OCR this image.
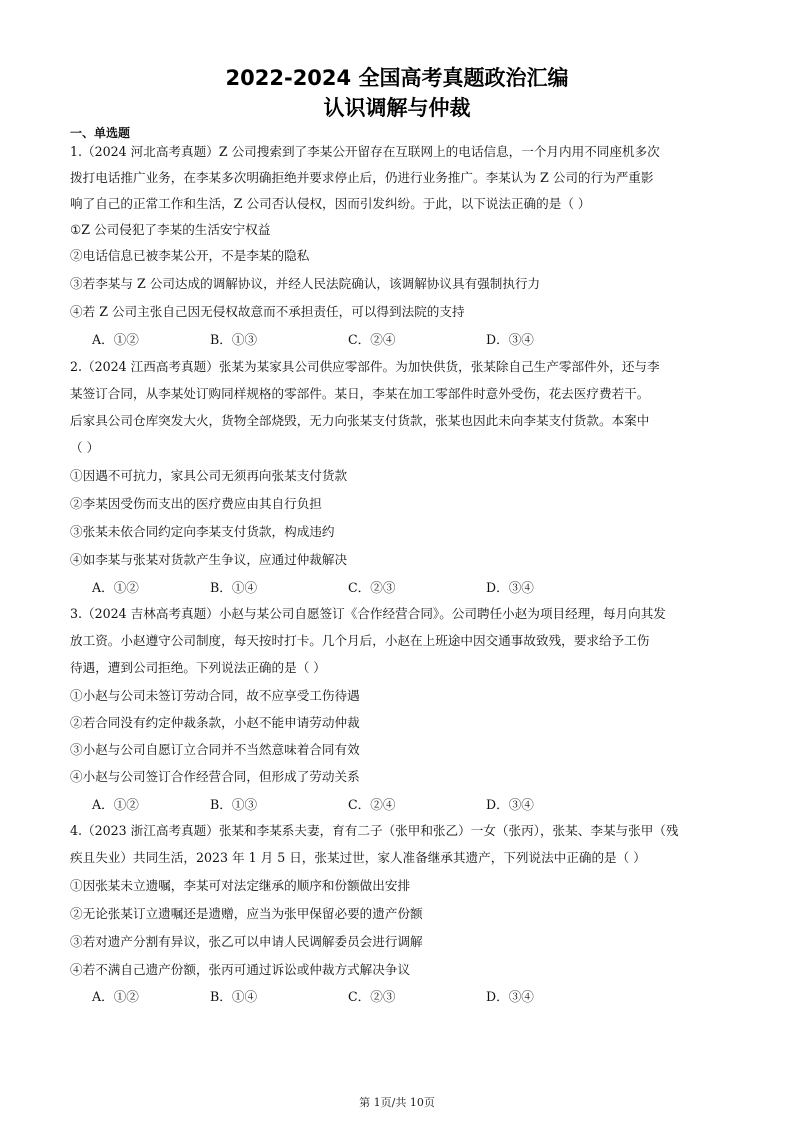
2022-2024 全国高考真题政治汇编
认识调解与仲裁
一、单选题
1.（2024 河北高考真题）Z 公司搜索到了李某公开留存在互联网上的电话信息，一个月内用不同座机多次
拨打电话推广业务，在李某多次明确拒绝并要求停止后，仍进行业务推广。李某认为 Z 公司的行为严重影
响了自己的正常工作和生活，Z 公司否认侵权，因而引发纠纷。于此，以下说法正确的是（ ）
①Z 公司侵犯了李某的生活安宁权益
②电话信息已被李某公开，不是李某的隐私
③若李某与 Z 公司达成的调解协议，并经人民法院确认，该调解协议具有强制执行力
④若 Z 公司主张自己因无侵权故意而不承担责任，可以得到法院的支持
A．①②	B．①③	C．②④	D．③④
2.（2024 江西高考真题）张某为某家具公司供应零部件。为加快供货，张某除自己生产零部件外，还与李
某签订合同，从李某处订购同样规格的零部件。某日，李某在加工零部件时意外受伤，花去医疗费若干。
后家具公司仓库突发大火，货物全部烧毁，无力向张某支付货款，张某也因此未向李某支付货款。本案中
（ ）
①因遇不可抗力，家具公司无须再向张某支付货款
②李某因受伤而支出的医疗费应由其自行负担
③张某未依合同约定向李某支付货款，构成违约
④如李某与张某对货款产生争议，应通过仲裁解决
A．①②	B．①④	C．②③	D．③④
3.（2024 吉林高考真题）小赵与某公司自愿签订《合作经营合同》。公司聘任小赵为项目经理，每月向其发
放工资。小赵遵守公司制度，每天按时打卡。几个月后，小赵在上班途中因交通事故致残，要求给予工伤
待遇，遭到公司拒绝。下列说法正确的是（ ）
①小赵与公司未签订劳动合同，故不应享受工伤待遇
②若合同没有约定仲裁条款，小赵不能申请劳动仲裁
③小赵与公司自愿订立合同并不当然意味着合同有效
④小赵与公司签订合作经营合同，但形成了劳动关系
A．①②	B．①③	C．②④	D．③④
4.（2023 浙江高考真题）张某和李某系夫妻，育有二子（张甲和张乙）一女（张丙），张某、李某与张甲（残
疾且失业）共同生活，2023 年 1 月 5 日，张某过世，家人准备继承其遗产，下列说法中正确的是（ ）
①因张某未立遗嘱，李某可对法定继承的顺序和份额做出安排
②无论张某订立遗嘱还是遗赠，应当为张甲保留必要的遗产份额
③若对遗产分割有异议，张乙可以申请人民调解委员会进行调解
④若不满自己遗产份额，张丙可通过诉讼或仲裁方式解决争议
A．①②	B．①④	C．②③	D．③④
第 1页/共 10页
